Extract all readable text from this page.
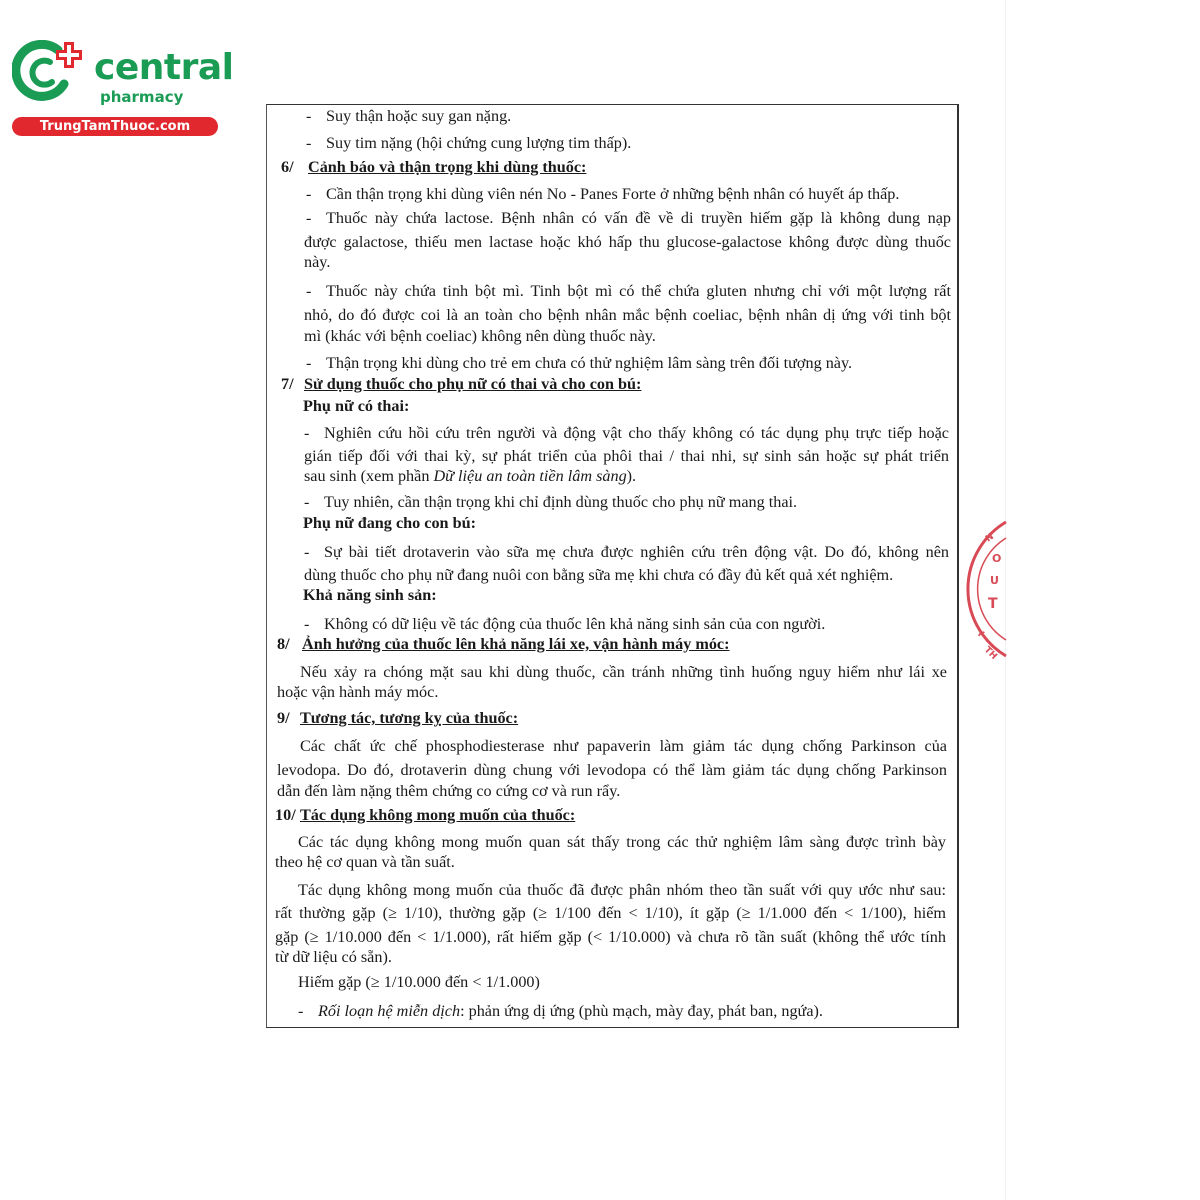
central
pharmacy
TrungTamThuoc.com
- Suy thận hoặc suy gan nặng.
- Suy tim nặng (hội chứng cung lượng tim thấp).
6/ Cảnh báo và thận trọng khi dùng thuốc:
- Cần thận trọng khi dùng viên nén No - Panes Forte ở những bệnh nhân có huyết áp thấp.
- Thuốc này chứa lactose. Bệnh nhân có vấn đề về di truyền hiếm gặp là không dung nạp
được galactose, thiếu men lactase hoặc khó hấp thu glucose-galactose không được dùng thuốc
này.
- Thuốc này chứa tinh bột mì. Tinh bột mì có thể chứa gluten nhưng chỉ với một lượng rất
nhỏ, do đó được coi là an toàn cho bệnh nhân mắc bệnh coeliac, bệnh nhân dị ứng với tinh bột
mì (khác với bệnh coeliac) không nên dùng thuốc này.
- Thận trọng khi dùng cho trẻ em chưa có thử nghiệm lâm sàng trên đối tượng này.
7/ Sử dụng thuốc cho phụ nữ có thai và cho con bú:
Phụ nữ có thai:
- Nghiên cứu hồi cứu trên người và động vật cho thấy không có tác dụng phụ trực tiếp hoặc
gián tiếp đối với thai kỳ, sự phát triển của phôi thai / thai nhi, sự sinh sản hoặc sự phát triển
sau sinh (xem phần Dữ liệu an toàn tiền lâm sàng).
- Tuy nhiên, cần thận trọng khi chỉ định dùng thuốc cho phụ nữ mang thai.
Phụ nữ đang cho con bú:
- Sự bài tiết drotaverin vào sữa mẹ chưa được nghiên cứu trên động vật. Do đó, không nên
dùng thuốc cho phụ nữ đang nuôi con bằng sữa mẹ khi chưa có đầy đủ kết quả xét nghiệm.
Khả năng sinh sản:
- Không có dữ liệu về tác động của thuốc lên khả năng sinh sản của con người.
8/ Ảnh hưởng của thuốc lên khả năng lái xe, vận hành máy móc:
Nếu xảy ra chóng mặt sau khi dùng thuốc, cần tránh những tình huống nguy hiểm như lái xe
hoặc vận hành máy móc.
9/ Tương tác, tương kỵ của thuốc:
Các chất ức chế phosphodiesterase như papaverin làm giảm tác dụng chống Parkinson của
levodopa. Do đó, drotaverin dùng chung với levodopa có thể làm giảm tác dụng chống Parkinson
dẫn đến làm nặng thêm chứng co cứng cơ và run rẩy.
10/ Tác dụng không mong muốn của thuốc:
Các tác dụng không mong muốn quan sát thấy trong các thử nghiệm lâm sàng được trình bày
theo hệ cơ quan và tần suất.
Tác dụng không mong muốn của thuốc đã được phân nhóm theo tần suất với quy ước như sau:
rất thường gặp (≥ 1/10), thường gặp (≥ 1/100 đến < 1/10), ít gặp (≥ 1/1.000 đến < 1/100), hiếm
gặp (≥ 1/10.000 đến < 1/1.000), rất hiếm gặp (< 1/10.000) và chưa rõ tần suất (không thể ước tính
từ dữ liệu có sẵn).
Hiếm gặp (≥ 1/10.000 đến < 1/1.000)
- Rối loạn hệ miễn dịch: phản ứng dị ứng (phù mạch, mày đay, phát ban, ngứa).
N
O
U
T
Y
TH
